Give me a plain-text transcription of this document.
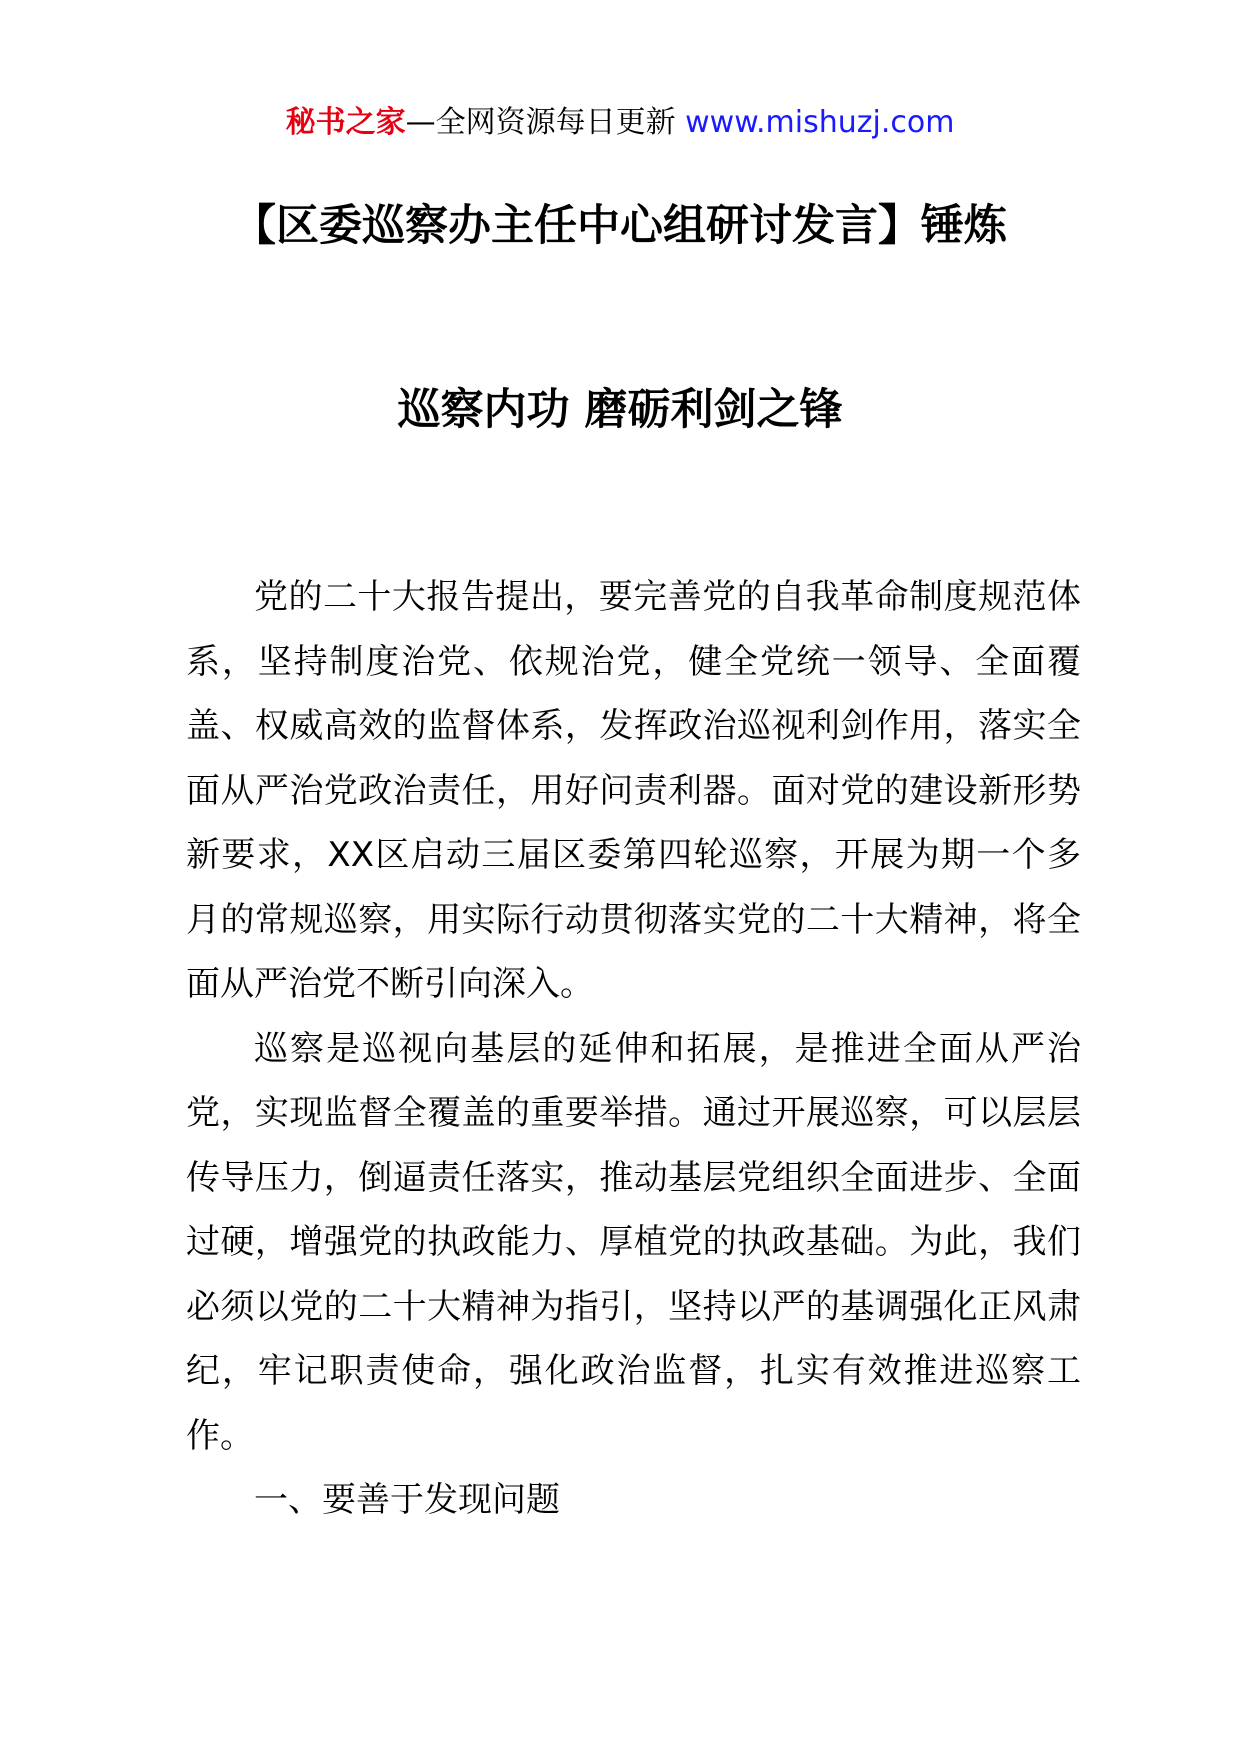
秘书之家—全网资源每日更新 www.mishuzj.com
【区委巡察办主任中心组研讨发言】锤炼
巡察内功 磨砺利剑之锋

党的二十大报告提出，要完善党的自我革命制度规范体系，坚持制度治党、依规治党，健全党统一领导、全面覆盖、权威高效的监督体系，发挥政治巡视利剑作用，落实全面从严治党政治责任，用好问责利器。面对党的建设新形势新要求，XX区启动三届区委第四轮巡察，开展为期一个多月的常规巡察，用实际行动贯彻落实党的二十大精神，将全面从严治党不断引向深入。

巡察是巡视向基层的延伸和拓展，是推进全面从严治党，实现监督全覆盖的重要举措。通过开展巡察，可以层层传导压力，倒逼责任落实，推动基层党组织全面进步、全面过硬，增强党的执政能力、厚植党的执政基础。为此，我们必须以党的二十大精神为指引，坚持以严的基调强化正风肃纪，牢记职责使命，强化政治监督，扎实有效推进巡察工作。

一、要善于发现问题
